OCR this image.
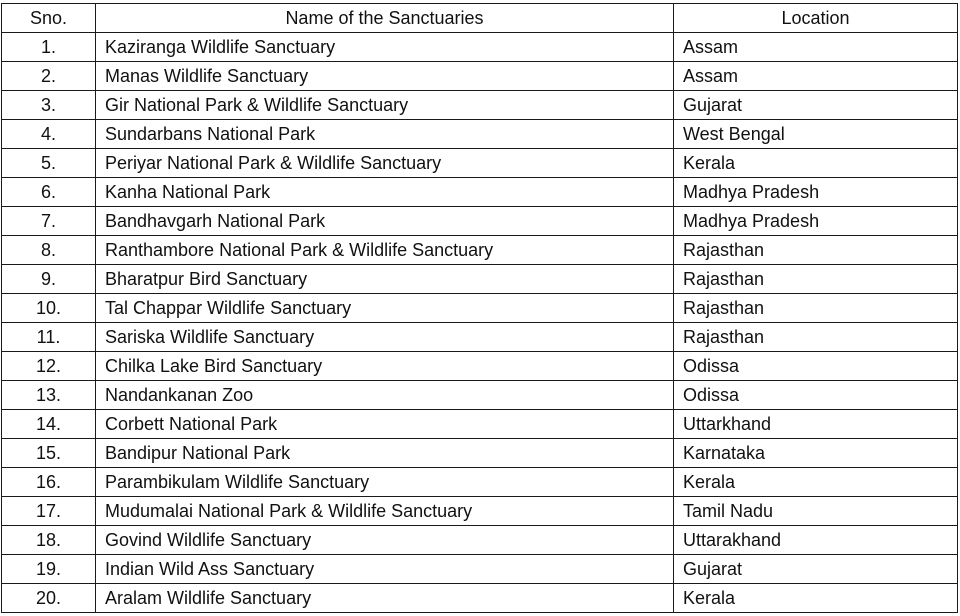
Sno.	Name of the Sanctuaries	Location
1.	Kaziranga Wildlife Sanctuary	Assam
2.	Manas Wildlife Sanctuary	Assam
3.	Gir National Park & Wildlife Sanctuary	Gujarat
4.	Sundarbans National Park	West Bengal
5.	Periyar National Park & Wildlife Sanctuary	Kerala
6.	Kanha National Park	Madhya Pradesh
7.	Bandhavgarh National Park	Madhya Pradesh
8.	Ranthambore National Park & Wildlife Sanctuary	Rajasthan
9.	Bharatpur Bird Sanctuary	Rajasthan
10.	Tal Chappar Wildlife Sanctuary	Rajasthan
11.	Sariska Wildlife Sanctuary	Rajasthan
12.	Chilka Lake Bird Sanctuary	Odissa
13.	Nandankanan Zoo	Odissa
14.	Corbett National Park	Uttarkhand
15.	Bandipur National Park	Karnataka
16.	Parambikulam Wildlife Sanctuary	Kerala
17.	Mudumalai National Park & Wildlife Sanctuary	Tamil Nadu
18.	Govind Wildlife Sanctuary	Uttarakhand
19.	Indian Wild Ass Sanctuary	Gujarat
20.	Aralam Wildlife Sanctuary	Kerala
